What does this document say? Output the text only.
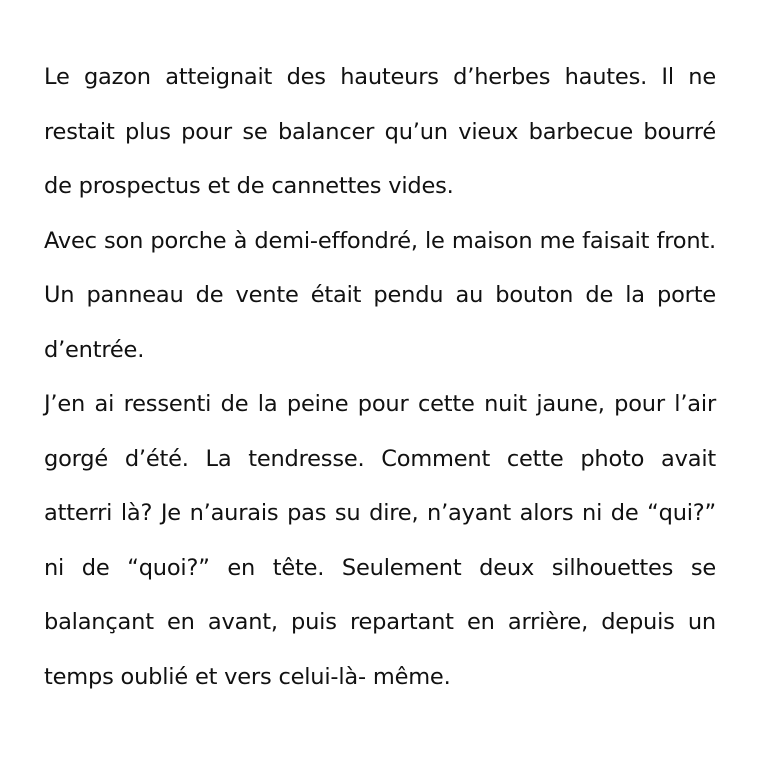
Le gazon atteignait des hauteurs d’herbes hautes. Il ne restait plus pour se balancer qu’un vieux barbecue bourré de prospectus et de cannettes vides.

Avec son porche à demi-effondré, le maison me faisait front. Un panneau de vente était pendu au bouton de la porte d’entrée.

J’en ai ressenti de la peine pour cette nuit jaune, pour l’air gorgé d’été. La tendresse. Comment cette photo avait atterri là? Je n’aurais pas su dire, n’ayant alors ni de “qui?” ni de “quoi?” en tête. Seulement deux silhouettes se balançant en avant, puis repartant en arrière, depuis un temps oublié et vers celui-là- même.
